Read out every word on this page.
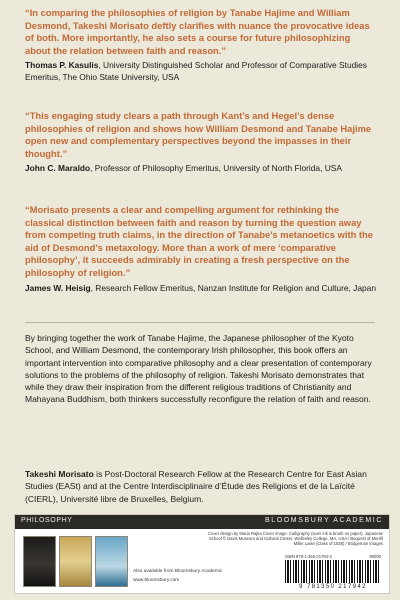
“In comparing the philosophies of religion by Tanabe Hajime and William Desmond, Takeshi Morisato deftly clarifies with nuance the provocative ideas of both. More importantly, he also sets a course for future philosophizing about the relation between faith and reason.”

Thomas P. Kasulis, University Distinguished Scholar and Professor of Comparative Studies Emeritus, The Ohio State University, USA

“This engaging study clears a path through Kant’s and Hegel’s dense philosophies of religion and shows how William Desmond and Tanabe Hajime open new and complementary perspectives beyond the impasses in their thought.”

John C. Maraldo, Professor of Philosophy Emeritus, University of North Florida, USA

“Morisato presents a clear and compelling argument for rethinking the classical distinction between faith and reason by turning the question away from competing truth claims, in the direction of Tanabe’s metanoetics with the aid of Desmond’s metaxology. More than a work of mere ‘comparative philosophy’, it succeeds admirably in creating a fresh perspective on the philosophy of religion.”

James W. Heisig, Research Fellow Emeritus, Nanzan Institute for Religion and Culture, Japan

By bringing together the work of Tanabe Hajime, the Japanese philosopher of the Kyoto School, and William Desmond, the contemporary Irish philosopher, this book offers an important intervention into comparative philosophy and a clear presentation of contemporary solutions to the problems of the philosophy of religion. Takeshi Morisato demonstrates that while they draw their inspiration from the different religious traditions of Christianity and Mahayana Buddhism, both thinkers successfully reconfigure the relation of faith and reason.

Takeshi Morisato is Post-Doctoral Research Fellow at the Research Centre for East Asian Studies (EASt) and at the Centre Interdisciplinaire d’Étude des Religions et de la Laïcité (CIERL), Université libre de Bruxelles, Belgium.

PHILOSOPHY	BLOOMSBURY ACADEMIC
Also available from Bloomsbury Academic
www.bloomsbury.com
Cover design by Maria Rajka Cover image: Calligraphy (sumi ink & brush on paper), Japanese School © Davis Museum and Cultural Center, Wellesley College, MA, USA / Bequest of Merrill Miller Laise (Class of 1936) / Bridgeman Images
ISBN 978-1-350-21794-2	98000
9 781350 217942
